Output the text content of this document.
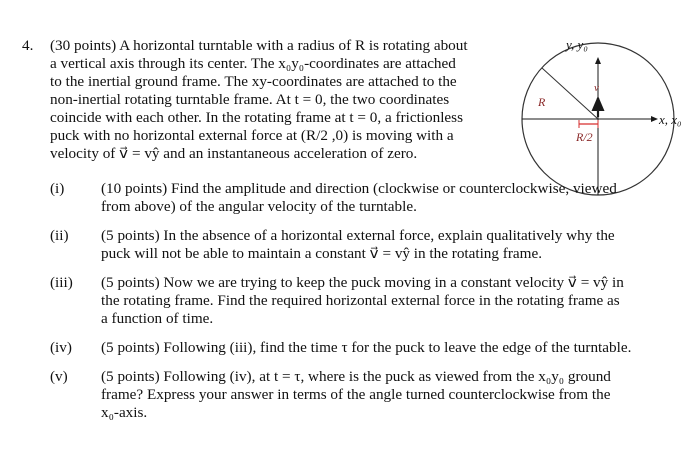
4. (30 points) A horizontal turntable with a radius of R is rotating about
a vertical axis through its center. The x₀y₀-coordinates are attached
to the inertial ground frame. The xy-coordinates are attached to the
non-inertial rotating turntable frame. At t = 0, the two coordinates
coincide with each other. In the rotating frame at t = 0, a frictionless
puck with no horizontal external force at (R/2 ,0) is moving with a
velocity of v⃗ = vŷ and an instantaneous acceleration of zero.
y, y₀
x, x₀
R
v
R/2
(i) (10 points) Find the amplitude and direction (clockwise or counterclockwise, viewed
from above) of the angular velocity of the turntable.
(ii) (5 points) In the absence of a horizontal external force, explain qualitatively why the
puck will not be able to maintain a constant v⃗ = vŷ in the rotating frame.
(iii) (5 points) Now we are trying to keep the puck moving in a constant velocity v⃗ = vŷ in
the rotating frame. Find the required horizontal external force in the rotating frame as
a function of time.
(iv) (5 points) Following (iii), find the time τ for the puck to leave the edge of the turntable.
(v) (5 points) Following (iv), at t = τ, where is the puck as viewed from the x₀y₀ ground
frame? Express your answer in terms of the angle turned counterclockwise from the
x₀-axis.
